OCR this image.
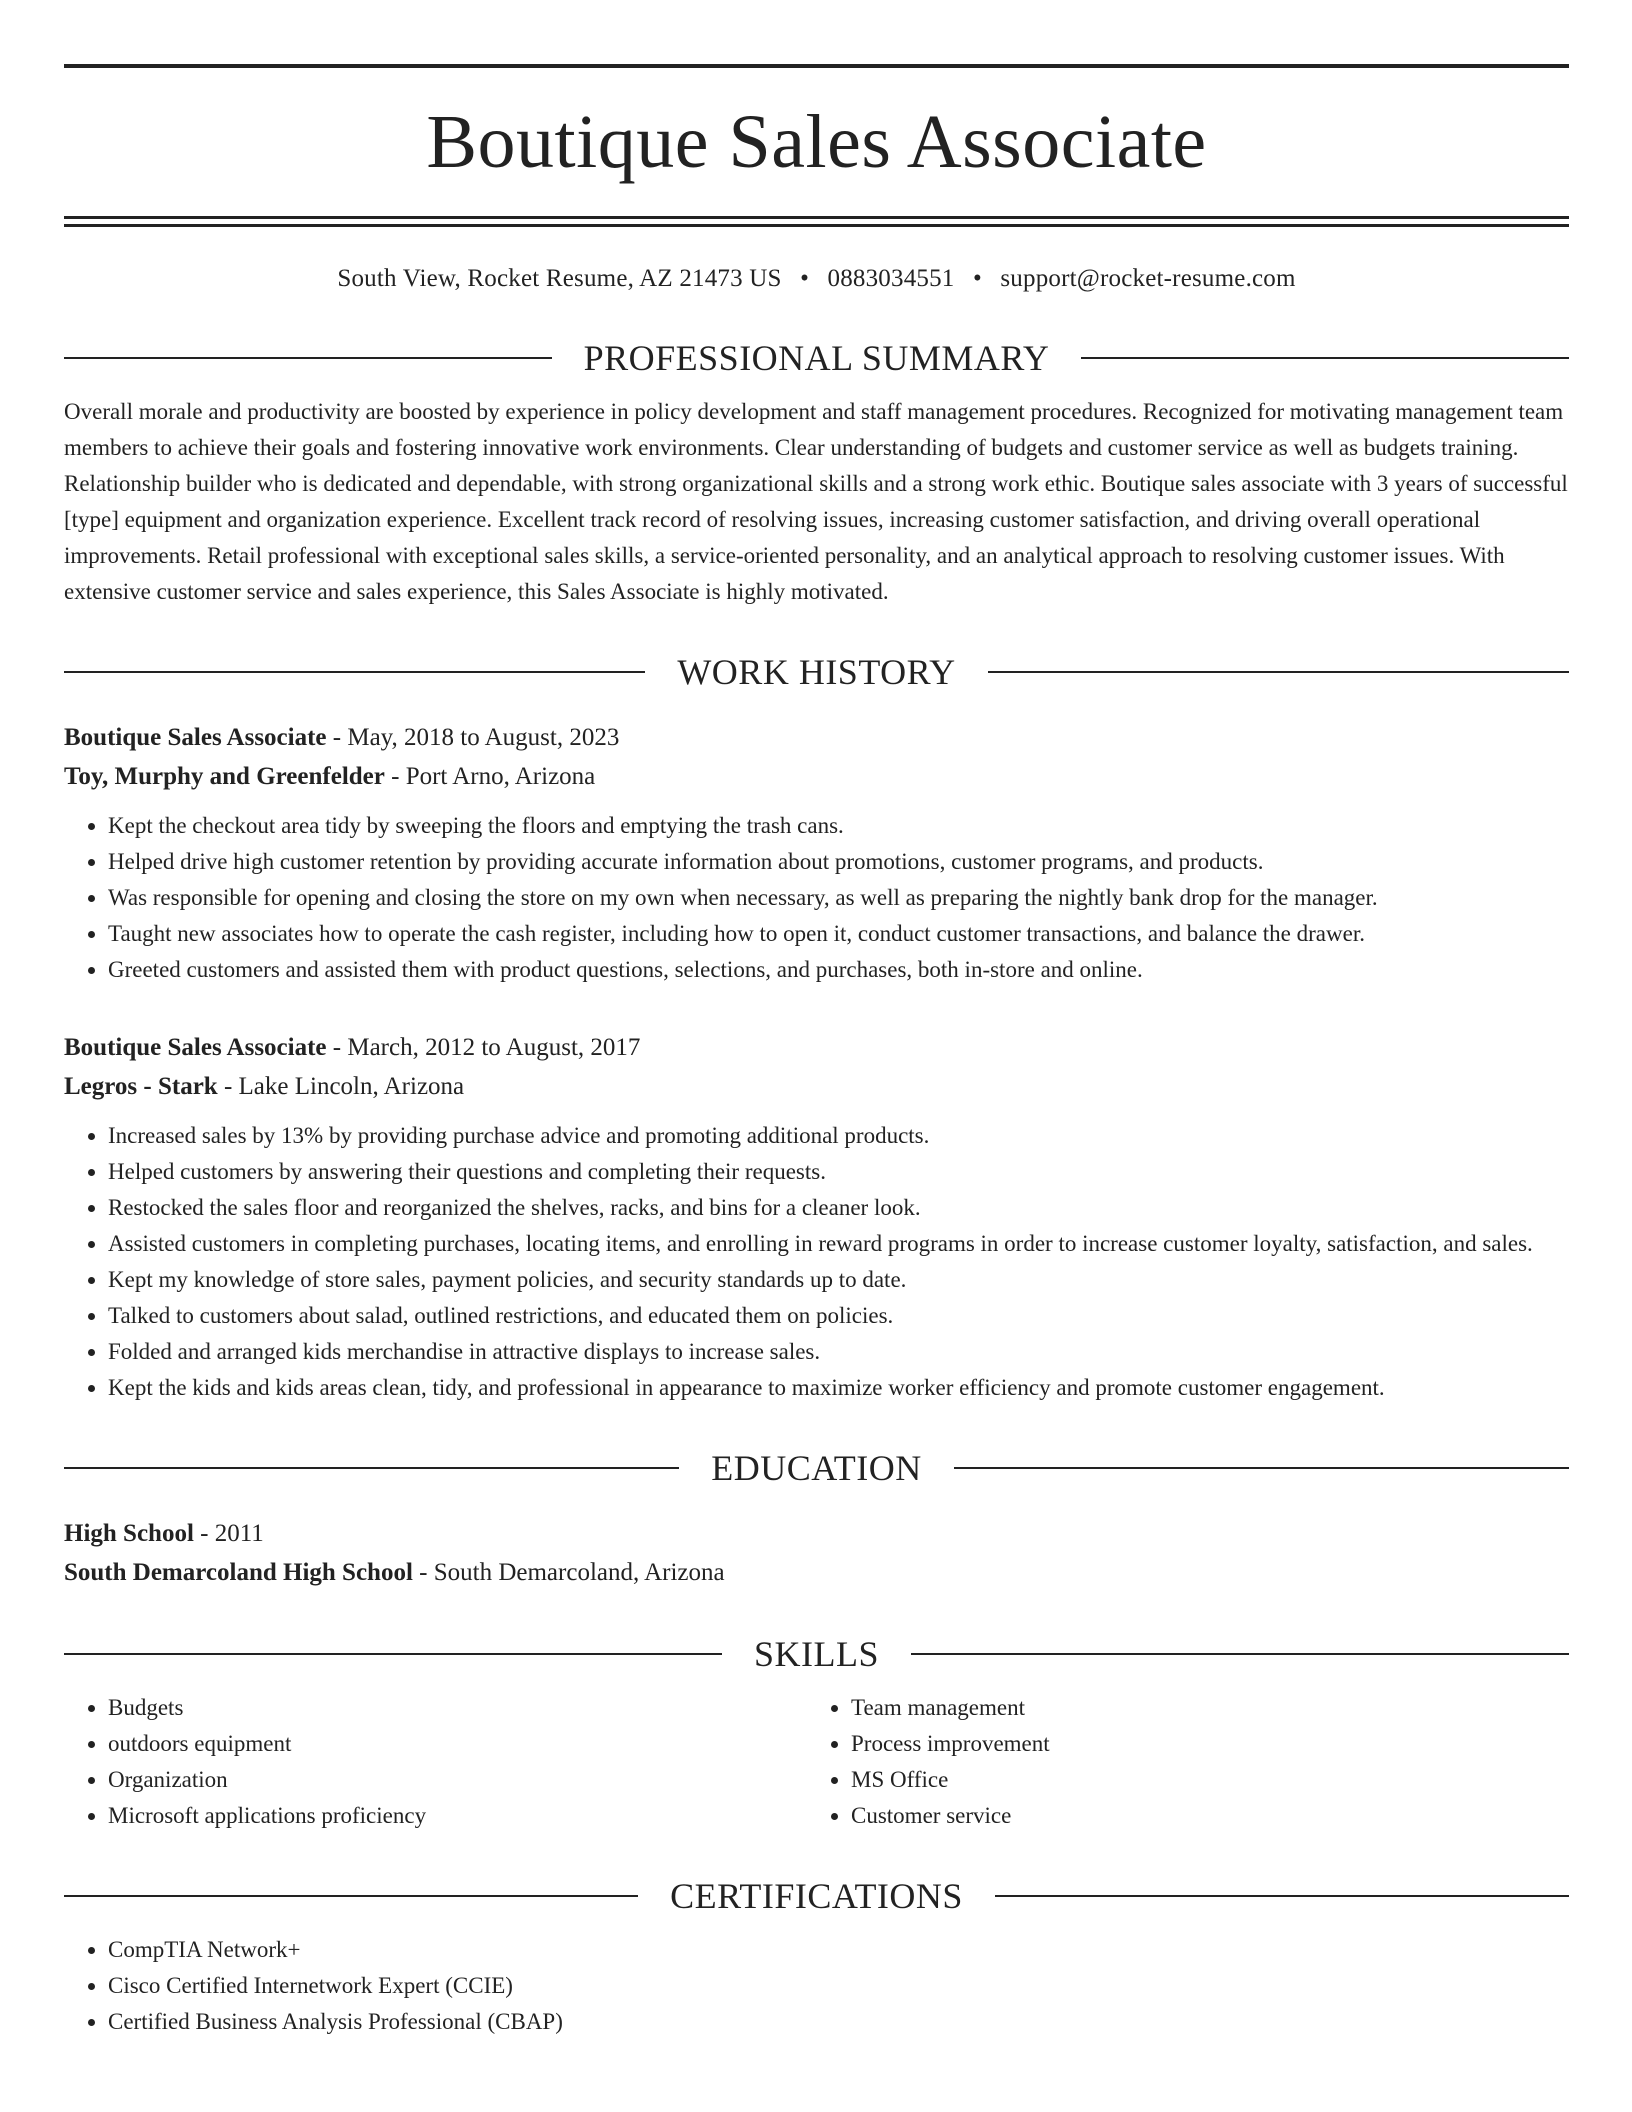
Boutique Sales Associate
South View, Rocket Resume, AZ 21473 US • 0883034551 • support@rocket-resume.com
PROFESSIONAL SUMMARY

Overall morale and productivity are boosted by experience in policy development and staff management procedures. Recognized for motivating management team members to achieve their goals and fostering innovative work environments. Clear understanding of budgets and customer service as well as budgets training. Relationship builder who is dedicated and dependable, with strong organizational skills and a strong work ethic. Boutique sales associate with 3 years of successful [type] equipment and organization experience. Excellent track record of resolving issues, increasing customer satisfaction, and driving overall operational improvements. Retail professional with exceptional sales skills, a service-oriented personality, and an analytical approach to resolving customer issues. With extensive customer service and sales experience, this Sales Associate is highly motivated.

WORK HISTORY
Boutique Sales Associate - May, 2018 to August, 2023
Toy, Murphy and Greenfelder - Port Arno, Arizona
• Kept the checkout area tidy by sweeping the floors and emptying the trash cans.
• Helped drive high customer retention by providing accurate information about promotions, customer programs, and products.
• Was responsible for opening and closing the store on my own when necessary, as well as preparing the nightly bank drop for the manager.
• Taught new associates how to operate the cash register, including how to open it, conduct customer transactions, and balance the drawer.
• Greeted customers and assisted them with product questions, selections, and purchases, both in-store and online.
Boutique Sales Associate - March, 2012 to August, 2017
Legros - Stark - Lake Lincoln, Arizona
• Increased sales by 13% by providing purchase advice and promoting additional products.
• Helped customers by answering their questions and completing their requests.
• Restocked the sales floor and reorganized the shelves, racks, and bins for a cleaner look.
• Assisted customers in completing purchases, locating items, and enrolling in reward programs in order to increase customer loyalty, satisfaction, and sales.
• Kept my knowledge of store sales, payment policies, and security standards up to date.
• Talked to customers about salad, outlined restrictions, and educated them on policies.
• Folded and arranged kids merchandise in attractive displays to increase sales.
• Kept the kids and kids areas clean, tidy, and professional in appearance to maximize worker efficiency and promote customer engagement.
EDUCATION
High School - 2011
South Demarcoland High School - South Demarcoland, Arizona
SKILLS
• Budgets
• outdoors equipment
• Organization
• Microsoft applications proficiency
• Team management
• Process improvement
• MS Office
• Customer service
CERTIFICATIONS
• CompTIA Network+
• Cisco Certified Internetwork Expert (CCIE)
• Certified Business Analysis Professional (CBAP)
